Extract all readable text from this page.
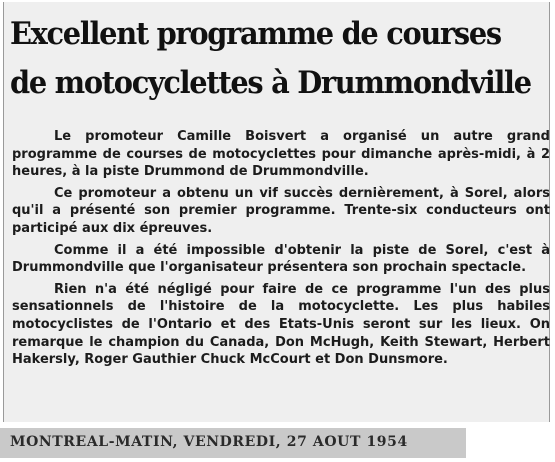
Excellent programme de courses
de motocyclettes à Drummondville

Le promoteur Camille Boisvert a organisé un autre grand programme de courses de motocyclettes pour dimanche après-midi, à 2 heures, à la piste Drummond de Drummondville.

Ce promoteur a obtenu un vif succès dernièrement, à Sorel, alors qu'il a présenté son premier programme. Trente-six conducteurs ont participé aux dix épreuves.

Comme il a été impossible d'obtenir la piste de Sorel, c'est à Drummondville que l'organisateur présentera son prochain spectacle.

Rien n'a été négligé pour faire de ce programme l'un des plus sensationnels de l'histoire de la motocyclette. Les plus habiles motocyclistes de l'Ontario et des Etats-Unis seront sur les lieux. On remarque le champion du Canada, Don McHugh, Keith Stewart, Herbert Hakersly, Roger Gauthier Chuck McCourt et Don Dunsmore.

MONTREAL-MATIN, VENDREDI, 27 AOUT 1954
